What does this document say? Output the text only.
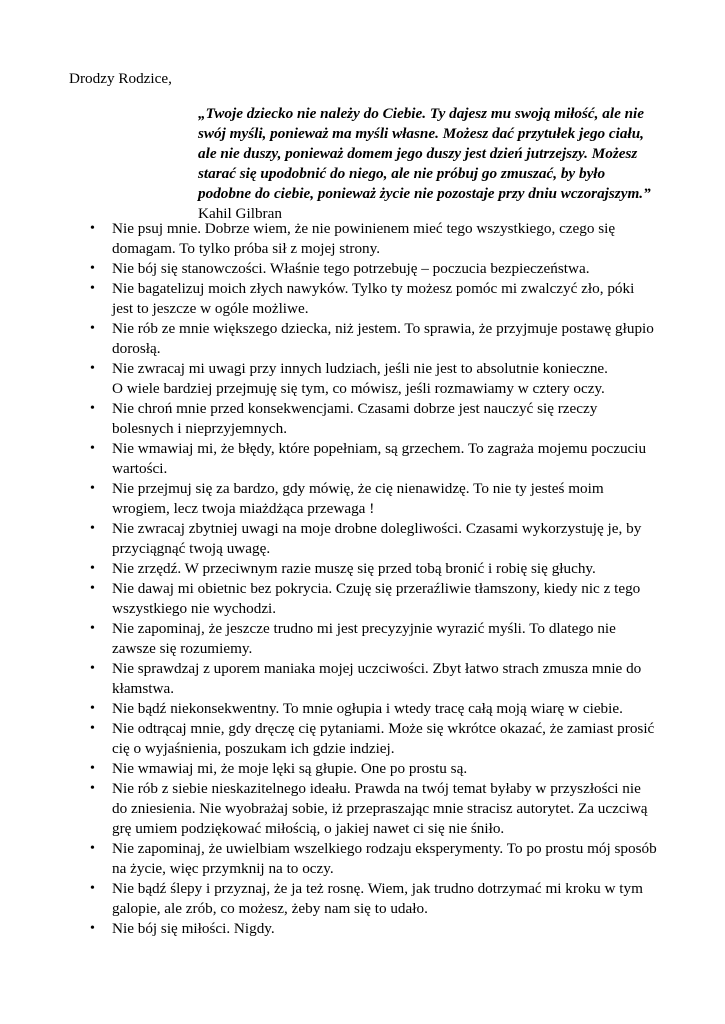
Drodzy Rodzice,

„Twoje dziecko nie należy do Ciebie. Ty dajesz mu swoją miłość, ale nie
swój myśli, ponieważ ma myśli własne. Możesz dać przytułek jego ciału,
ale nie duszy, ponieważ domem jego duszy jest dzień jutrzejszy. Możesz
starać się upodobnić do niego, ale nie próbuj go zmuszać, by było
podobne do ciebie, ponieważ życie nie pozostaje przy dniu wczorajszym.”

Kahil Gilbran

• Nie psuj mnie. Dobrze wiem, że nie powinienem mieć tego wszystkiego, czego się
domagam. To tylko próba sił z mojej strony.
• Nie bój się stanowczości. Właśnie tego potrzebuję – poczucia bezpieczeństwa.
• Nie bagatelizuj moich złych nawyków. Tylko ty możesz pomóc mi zwalczyć zło, póki
jest to jeszcze w ogóle możliwe.
• Nie rób ze mnie większego dziecka, niż jestem. To sprawia, że przyjmuje postawę głupio
dorosłą.
• Nie zwracaj mi uwagi przy innych ludziach, jeśli nie jest to absolutnie konieczne.
O wiele bardziej przejmuję się tym, co mówisz, jeśli rozmawiamy w cztery oczy.
• Nie chroń mnie przed konsekwencjami. Czasami dobrze jest nauczyć się rzeczy
bolesnych i nieprzyjemnych.
• Nie wmawiaj mi, że błędy, które popełniam, są grzechem. To zagraża mojemu poczuciu
wartości.
• Nie przejmuj się za bardzo, gdy mówię, że cię nienawidzę. To nie ty jesteś moim
wrogiem, lecz twoja miażdżąca przewaga !
• Nie zwracaj zbytniej uwagi na moje drobne dolegliwości. Czasami wykorzystuję je, by
przyciągnąć twoją uwagę.
• Nie zrzędź. W przeciwnym razie muszę się przed tobą bronić i robię się głuchy.
• Nie dawaj mi obietnic bez pokrycia. Czuję się przeraźliwie tłamszony, kiedy nic z tego
wszystkiego nie wychodzi.
• Nie zapominaj, że jeszcze trudno mi jest precyzyjnie wyrazić myśli. To dlatego nie
zawsze się rozumiemy.
• Nie sprawdzaj z uporem maniaka mojej uczciwości. Zbyt łatwo strach zmusza mnie do
kłamstwa.
• Nie bądź niekonsekwentny. To mnie ogłupia i wtedy tracę całą moją wiarę w ciebie.
• Nie odtrącaj mnie, gdy dręczę cię pytaniami. Może się wkrótce okazać, że zamiast prosić
cię o wyjaśnienia, poszukam ich gdzie indziej.
• Nie wmawiaj mi, że moje lęki są głupie. One po prostu są.
• Nie rób z siebie nieskazitelnego ideału. Prawda na twój temat byłaby w przyszłości nie
do zniesienia. Nie wyobrażaj sobie, iż przepraszając mnie stracisz autorytet. Za uczciwą
grę umiem podziękować miłością, o jakiej nawet ci się nie śniło.
• Nie zapominaj, że uwielbiam wszelkiego rodzaju eksperymenty. To po prostu mój sposób
na życie, więc przymknij na to oczy.
• Nie bądź ślepy i przyznaj, że ja też rosnę. Wiem, jak trudno dotrzymać mi kroku w tym
galopie, ale zrób, co możesz, żeby nam się to udało.
• Nie bój się miłości. Nigdy.
